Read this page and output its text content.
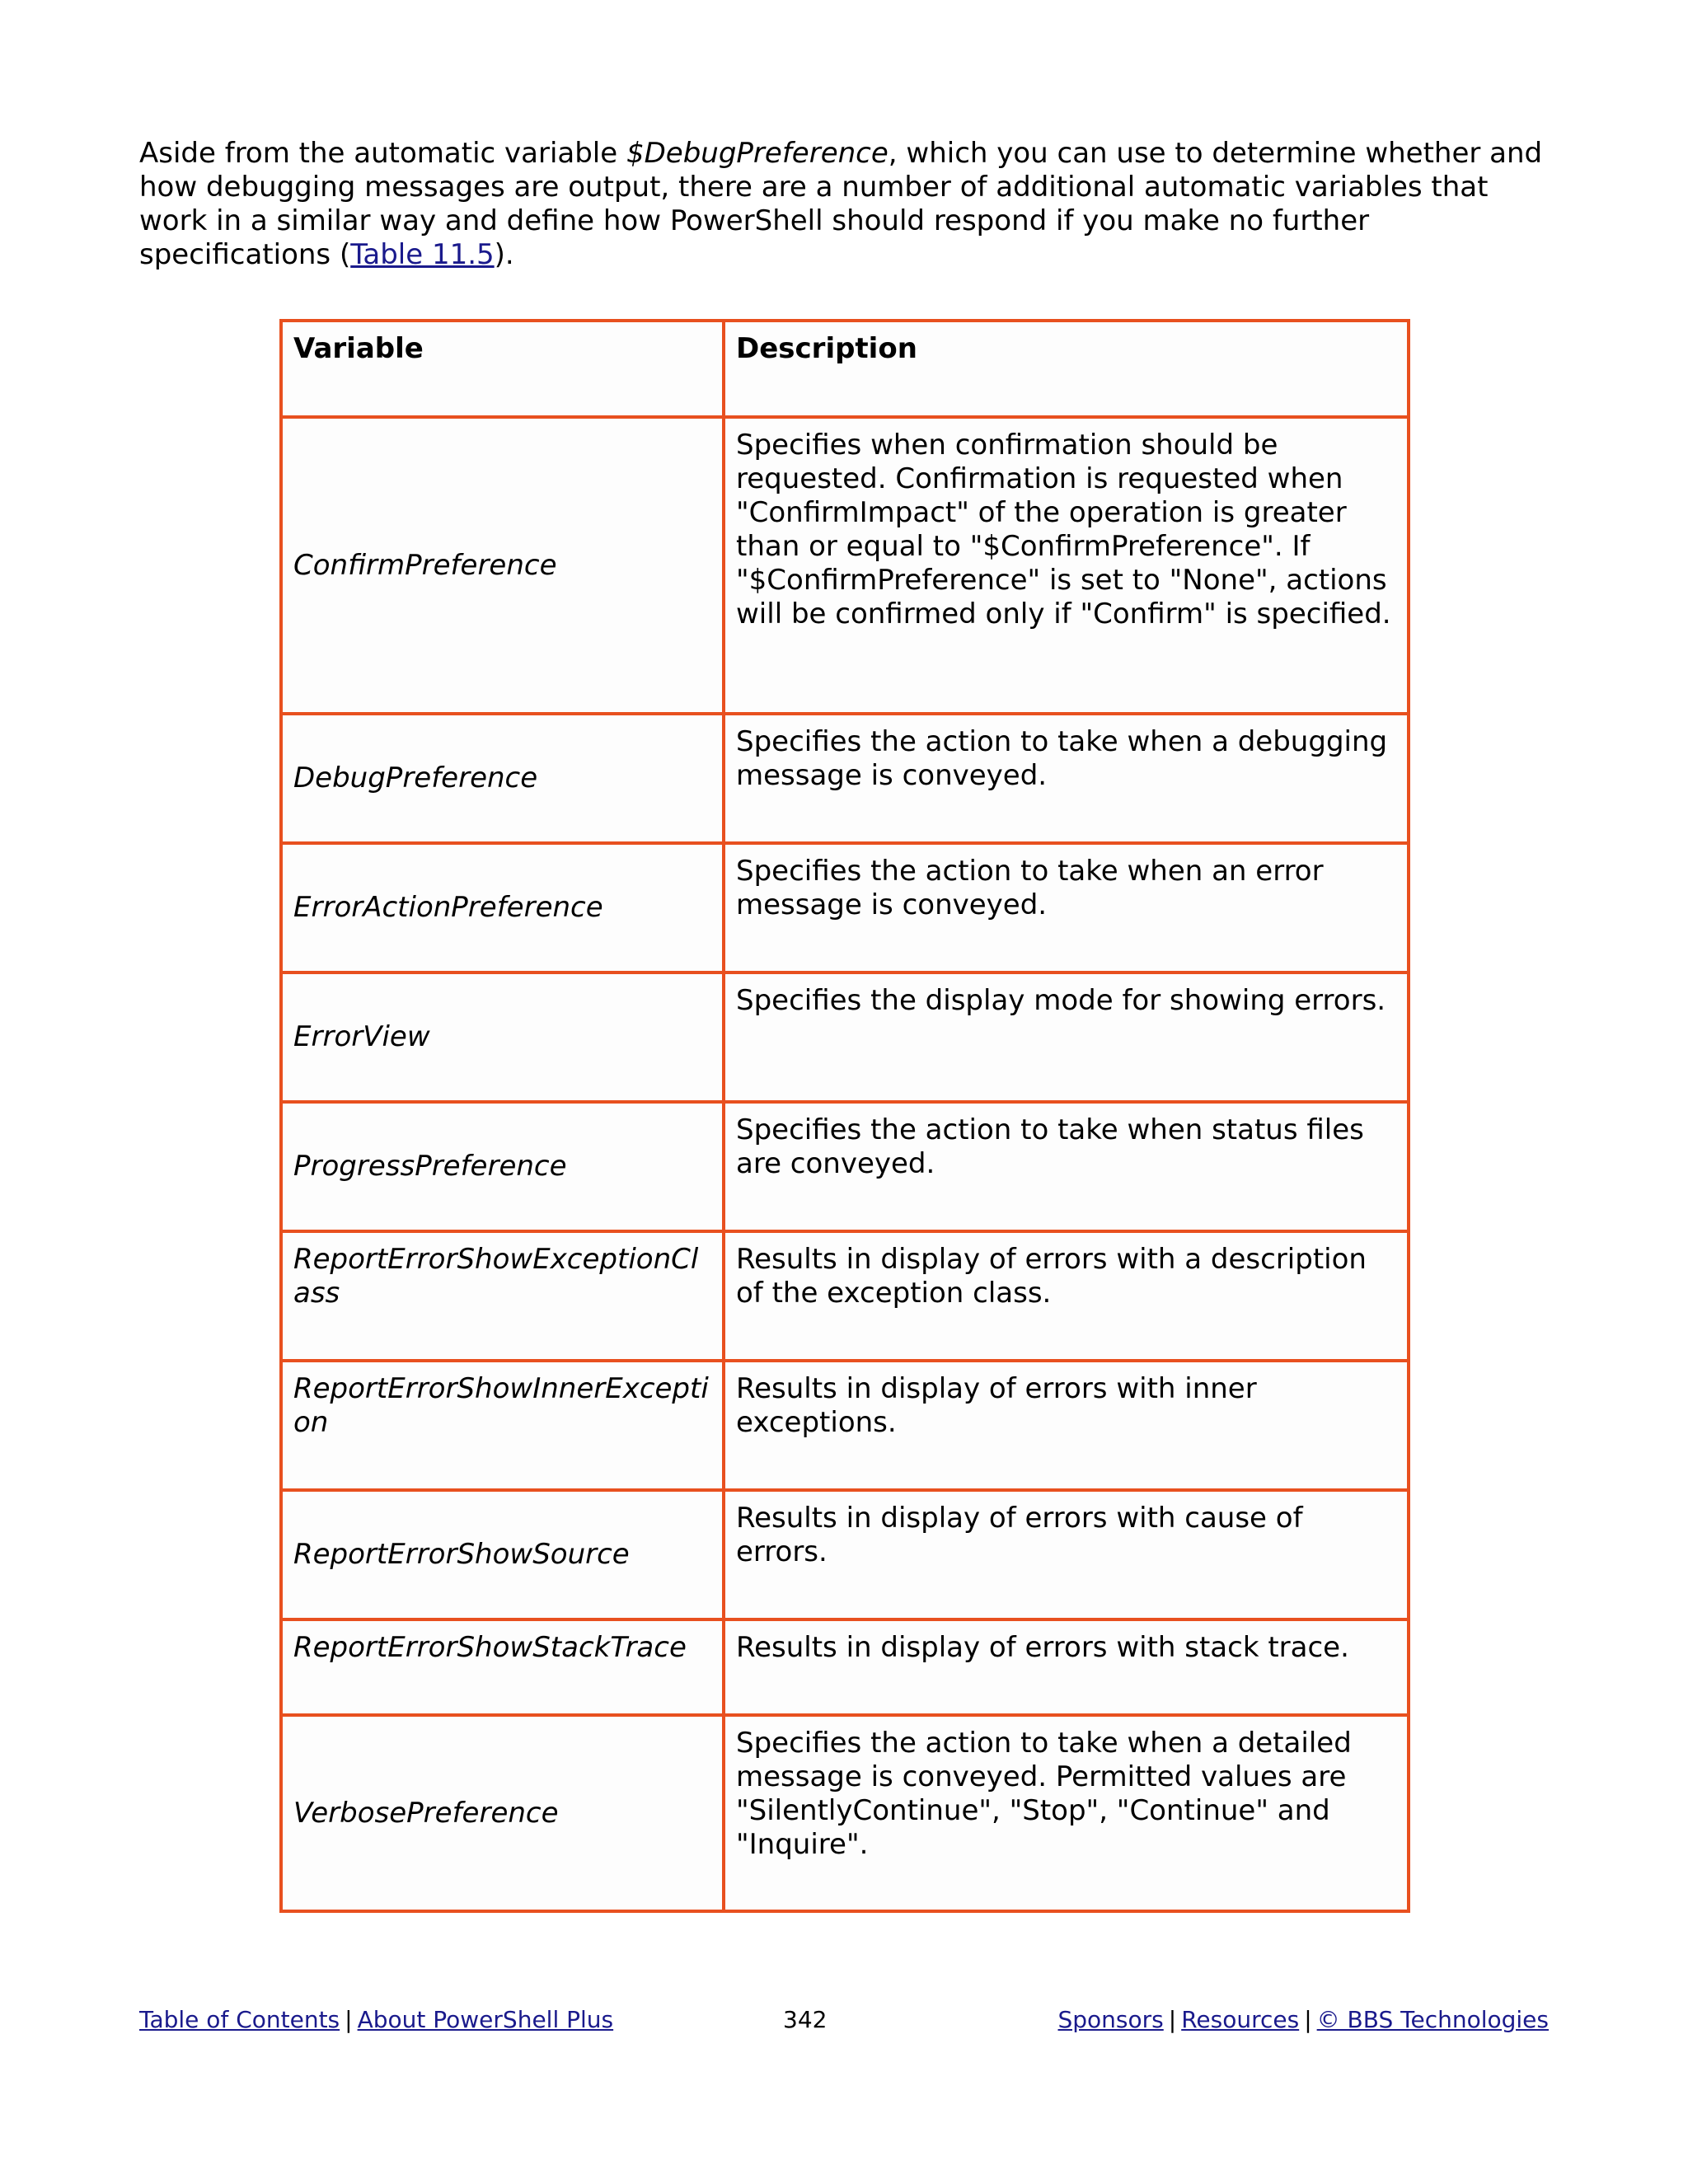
Aside from the automatic variable $DebugPreference, which you can use to determine whether and how debugging messages are output, there are a number of additional automatic variables that work in a similar way and define how PowerShell should respond if you make no further specifications (Table 11.5).

Variable	Description
ConfirmPreference	Specifies when confirmation should be requested. Confirmation is requested when "ConfirmImpact" of the operation is greater than or equal to "$ConfirmPreference". If "$ConfirmPreference" is set to "None", actions will be confirmed only if "Confirm" is specified.
DebugPreference	Specifies the action to take when a debugging message is conveyed.
ErrorActionPreference	Specifies the action to take when an error message is conveyed.
ErrorView	Specifies the display mode for showing errors.
ProgressPreference	Specifies the action to take when status files are conveyed.
ReportErrorShowExceptionClass	Results in display of errors with a description of the exception class.
ReportErrorShowInnerException	Results in display of errors with inner exceptions.
ReportErrorShowSource	Results in display of errors with cause of errors.
ReportErrorShowStackTrace	Results in display of errors with stack trace.
VerbosePreference	Specifies the action to take when a detailed message is conveyed. Permitted values are "SilentlyContinue", "Stop", "Continue" and "Inquire".
Table of Contents | About PowerShell Plus	342	Sponsors | Resources | © BBS Technologies
